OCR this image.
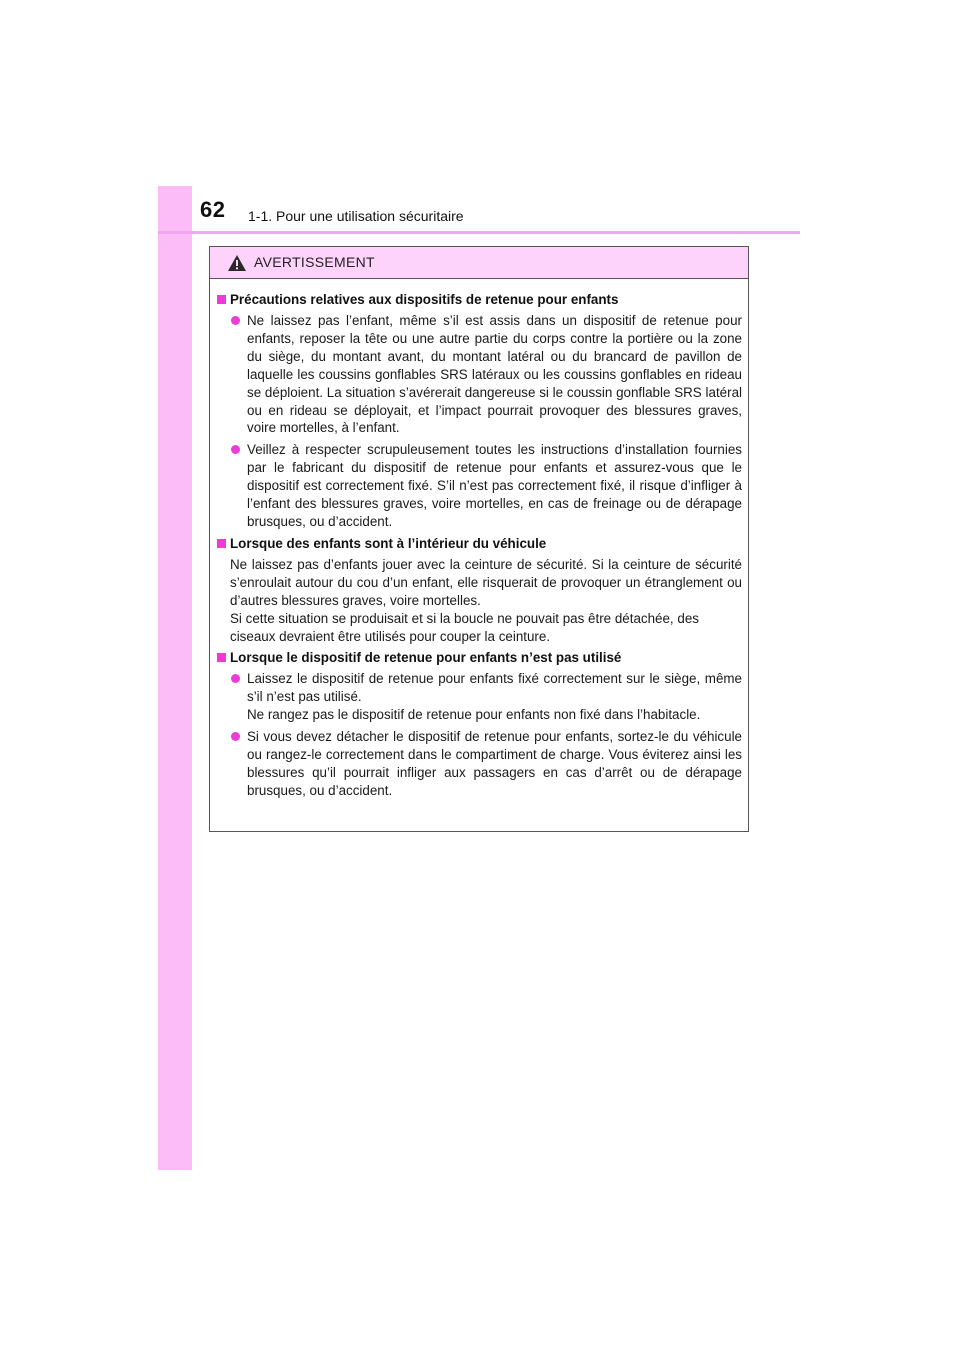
62 1-1. Pour une utilisation sécuritaire
AVERTISSEMENT
Précautions relatives aux dispositifs de retenue pour enfants
Ne laissez pas l’enfant, même s’il est assis dans un dispositif de retenue pour enfants, reposer la tête ou une autre partie du corps contre la portière ou la zone du siège, du montant avant, du montant latéral ou du brancard de pavillon de laquelle les coussins gonflables SRS latéraux ou les coussins gonflables en rideau se déploient. La situation s’avérerait dangereuse si le coussin gonflable SRS latéral ou en rideau se déployait, et l’impact pourrait provoquer des blessures graves, voire mortelles, à l’enfant.
Veillez à respecter scrupuleusement toutes les instructions d’installation fournies par le fabricant du dispositif de retenue pour enfants et assurez-vous que le dispositif est correctement fixé. S’il n’est pas correctement fixé, il risque d’infliger à l’enfant des blessures graves, voire mortelles, en cas de freinage ou de dérapage brusques, ou d’accident.
Lorsque des enfants sont à l’intérieur du véhicule
Ne laissez pas d’enfants jouer avec la ceinture de sécurité. Si la ceinture de sécurité s’enroulait autour du cou d’un enfant, elle risquerait de provoquer un étranglement ou d’autres blessures graves, voire mortelles.
Si cette situation se produisait et si la boucle ne pouvait pas être détachée, des ciseaux devraient être utilisés pour couper la ceinture.
Lorsque le dispositif de retenue pour enfants n’est pas utilisé
Laissez le dispositif de retenue pour enfants fixé correctement sur le siège, même s’il n’est pas utilisé.
Ne rangez pas le dispositif de retenue pour enfants non fixé dans l’habitacle.
Si vous devez détacher le dispositif de retenue pour enfants, sortez-le du véhicule ou rangez-le correctement dans le compartiment de charge. Vous éviterez ainsi les blessures qu’il pourrait infliger aux passagers en cas d’arrêt ou de dérapage brusques, ou d’accident.
